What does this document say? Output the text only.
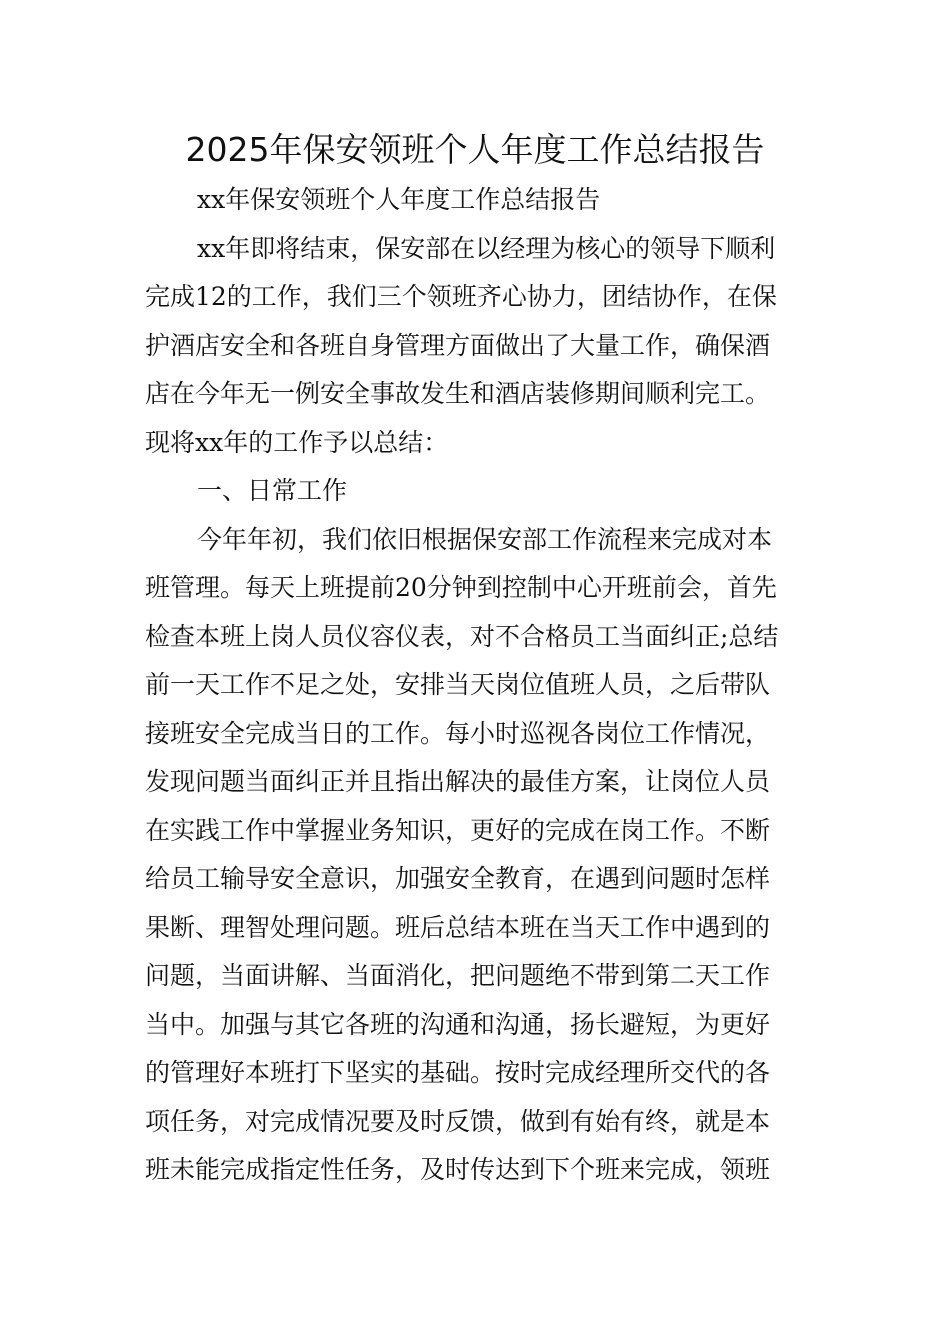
2025年保安领班个人年度工作总结报告
xx年保安领班个人年度工作总结报告
xx年即将结束，保安部在以经理为核心的领导下顺利
完成12的工作，我们三个领班齐心协力，团结协作，在保
护酒店安全和各班自身管理方面做出了大量工作，确保酒
店在今年无一例安全事故发生和酒店装修期间顺利完工。
现将xx年的工作予以总结：
一、日常工作
今年年初，我们依旧根据保安部工作流程来完成对本
班管理。每天上班提前20分钟到控制中心开班前会，首先
检查本班上岗人员仪容仪表，对不合格员工当面纠正;总结
前一天工作不足之处，安排当天岗位值班人员，之后带队
接班安全完成当日的工作。每小时巡视各岗位工作情况，
发现问题当面纠正并且指出解决的最佳方案，让岗位人员
在实践工作中掌握业务知识，更好的完成在岗工作。不断
给员工输导安全意识，加强安全教育，在遇到问题时怎样
果断、理智处理问题。班后总结本班在当天工作中遇到的
问题，当面讲解、当面消化，把问题绝不带到第二天工作
当中。加强与其它各班的沟通和沟通，扬长避短，为更好
的管理好本班打下坚实的基础。按时完成经理所交代的各
项任务，对完成情况要及时反馈，做到有始有终，就是本
班未能完成指定性任务，及时传达到下个班来完成，领班
